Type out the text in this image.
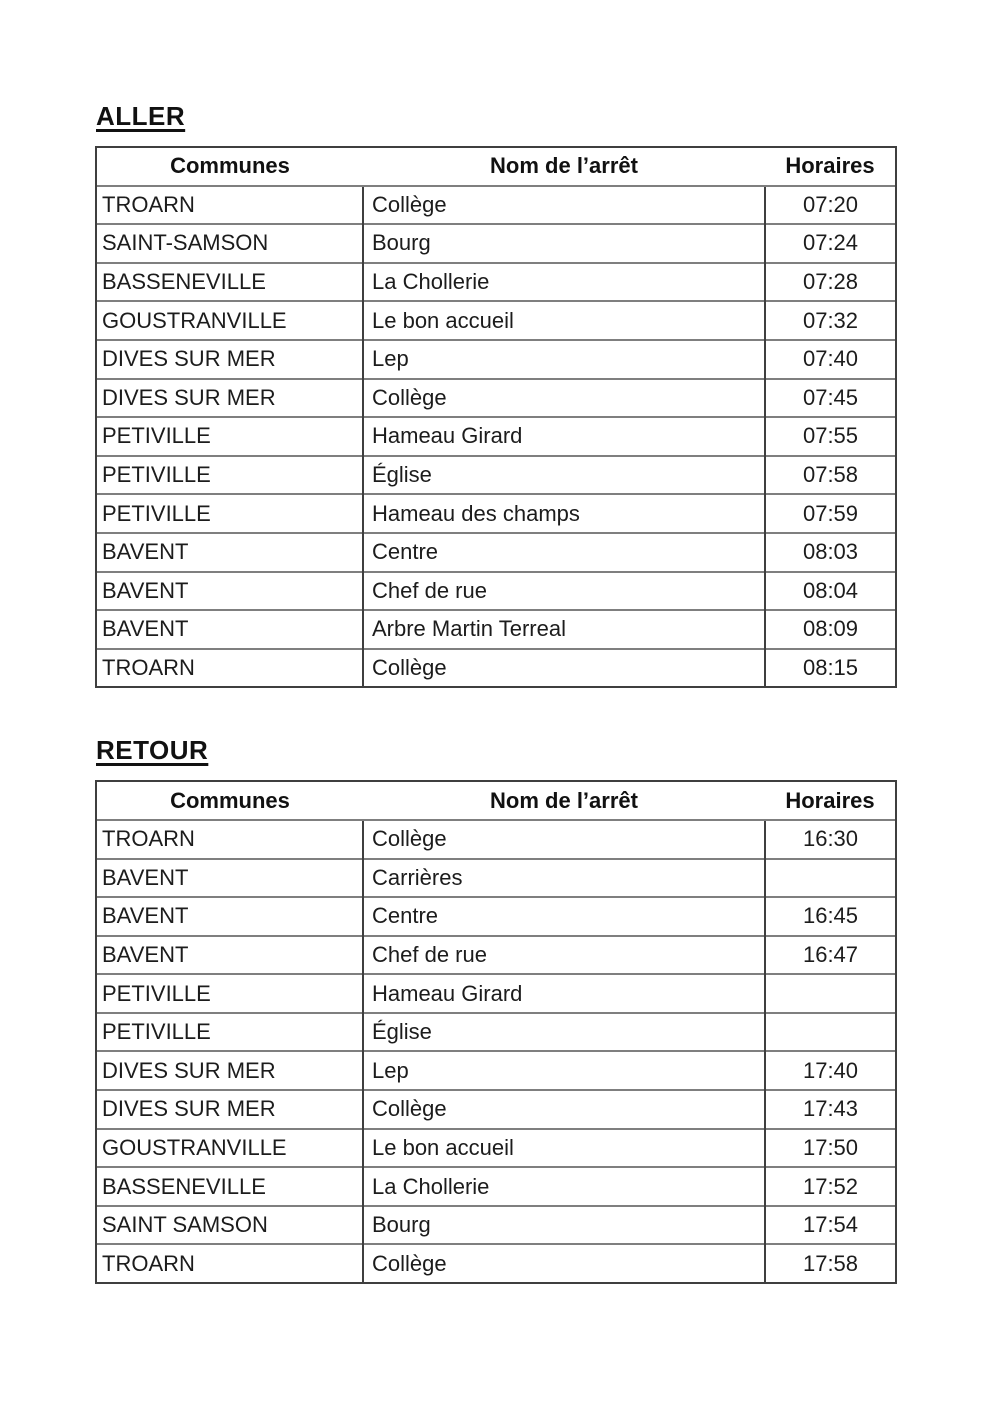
ALLER
Communes	Nom de l’arrêt	Horaires
TROARN	Collège	07:20
SAINT-SAMSON	Bourg	07:24
BASSENEVILLE	La Chollerie	07:28
GOUSTRANVILLE	Le bon accueil	07:32
DIVES SUR MER	Lep	07:40
DIVES SUR MER	Collège	07:45
PETIVILLE	Hameau Girard	07:55
PETIVILLE	Église	07:58
PETIVILLE	Hameau des champs	07:59
BAVENT	Centre	08:03
BAVENT	Chef de rue	08:04
BAVENT	Arbre Martin Terreal	08:09
TROARN	Collège	08:15
RETOUR
Communes	Nom de l’arrêt	Horaires
TROARN	Collège	16:30
BAVENT	Carrières	
BAVENT	Centre	16:45
BAVENT	Chef de rue	16:47
PETIVILLE	Hameau Girard	
PETIVILLE	Église	
DIVES SUR MER	Lep	17:40
DIVES SUR MER	Collège	17:43
GOUSTRANVILLE	Le bon accueil	17:50
BASSENEVILLE	La Chollerie	17:52
SAINT SAMSON	Bourg	17:54
TROARN	Collège	17:58
